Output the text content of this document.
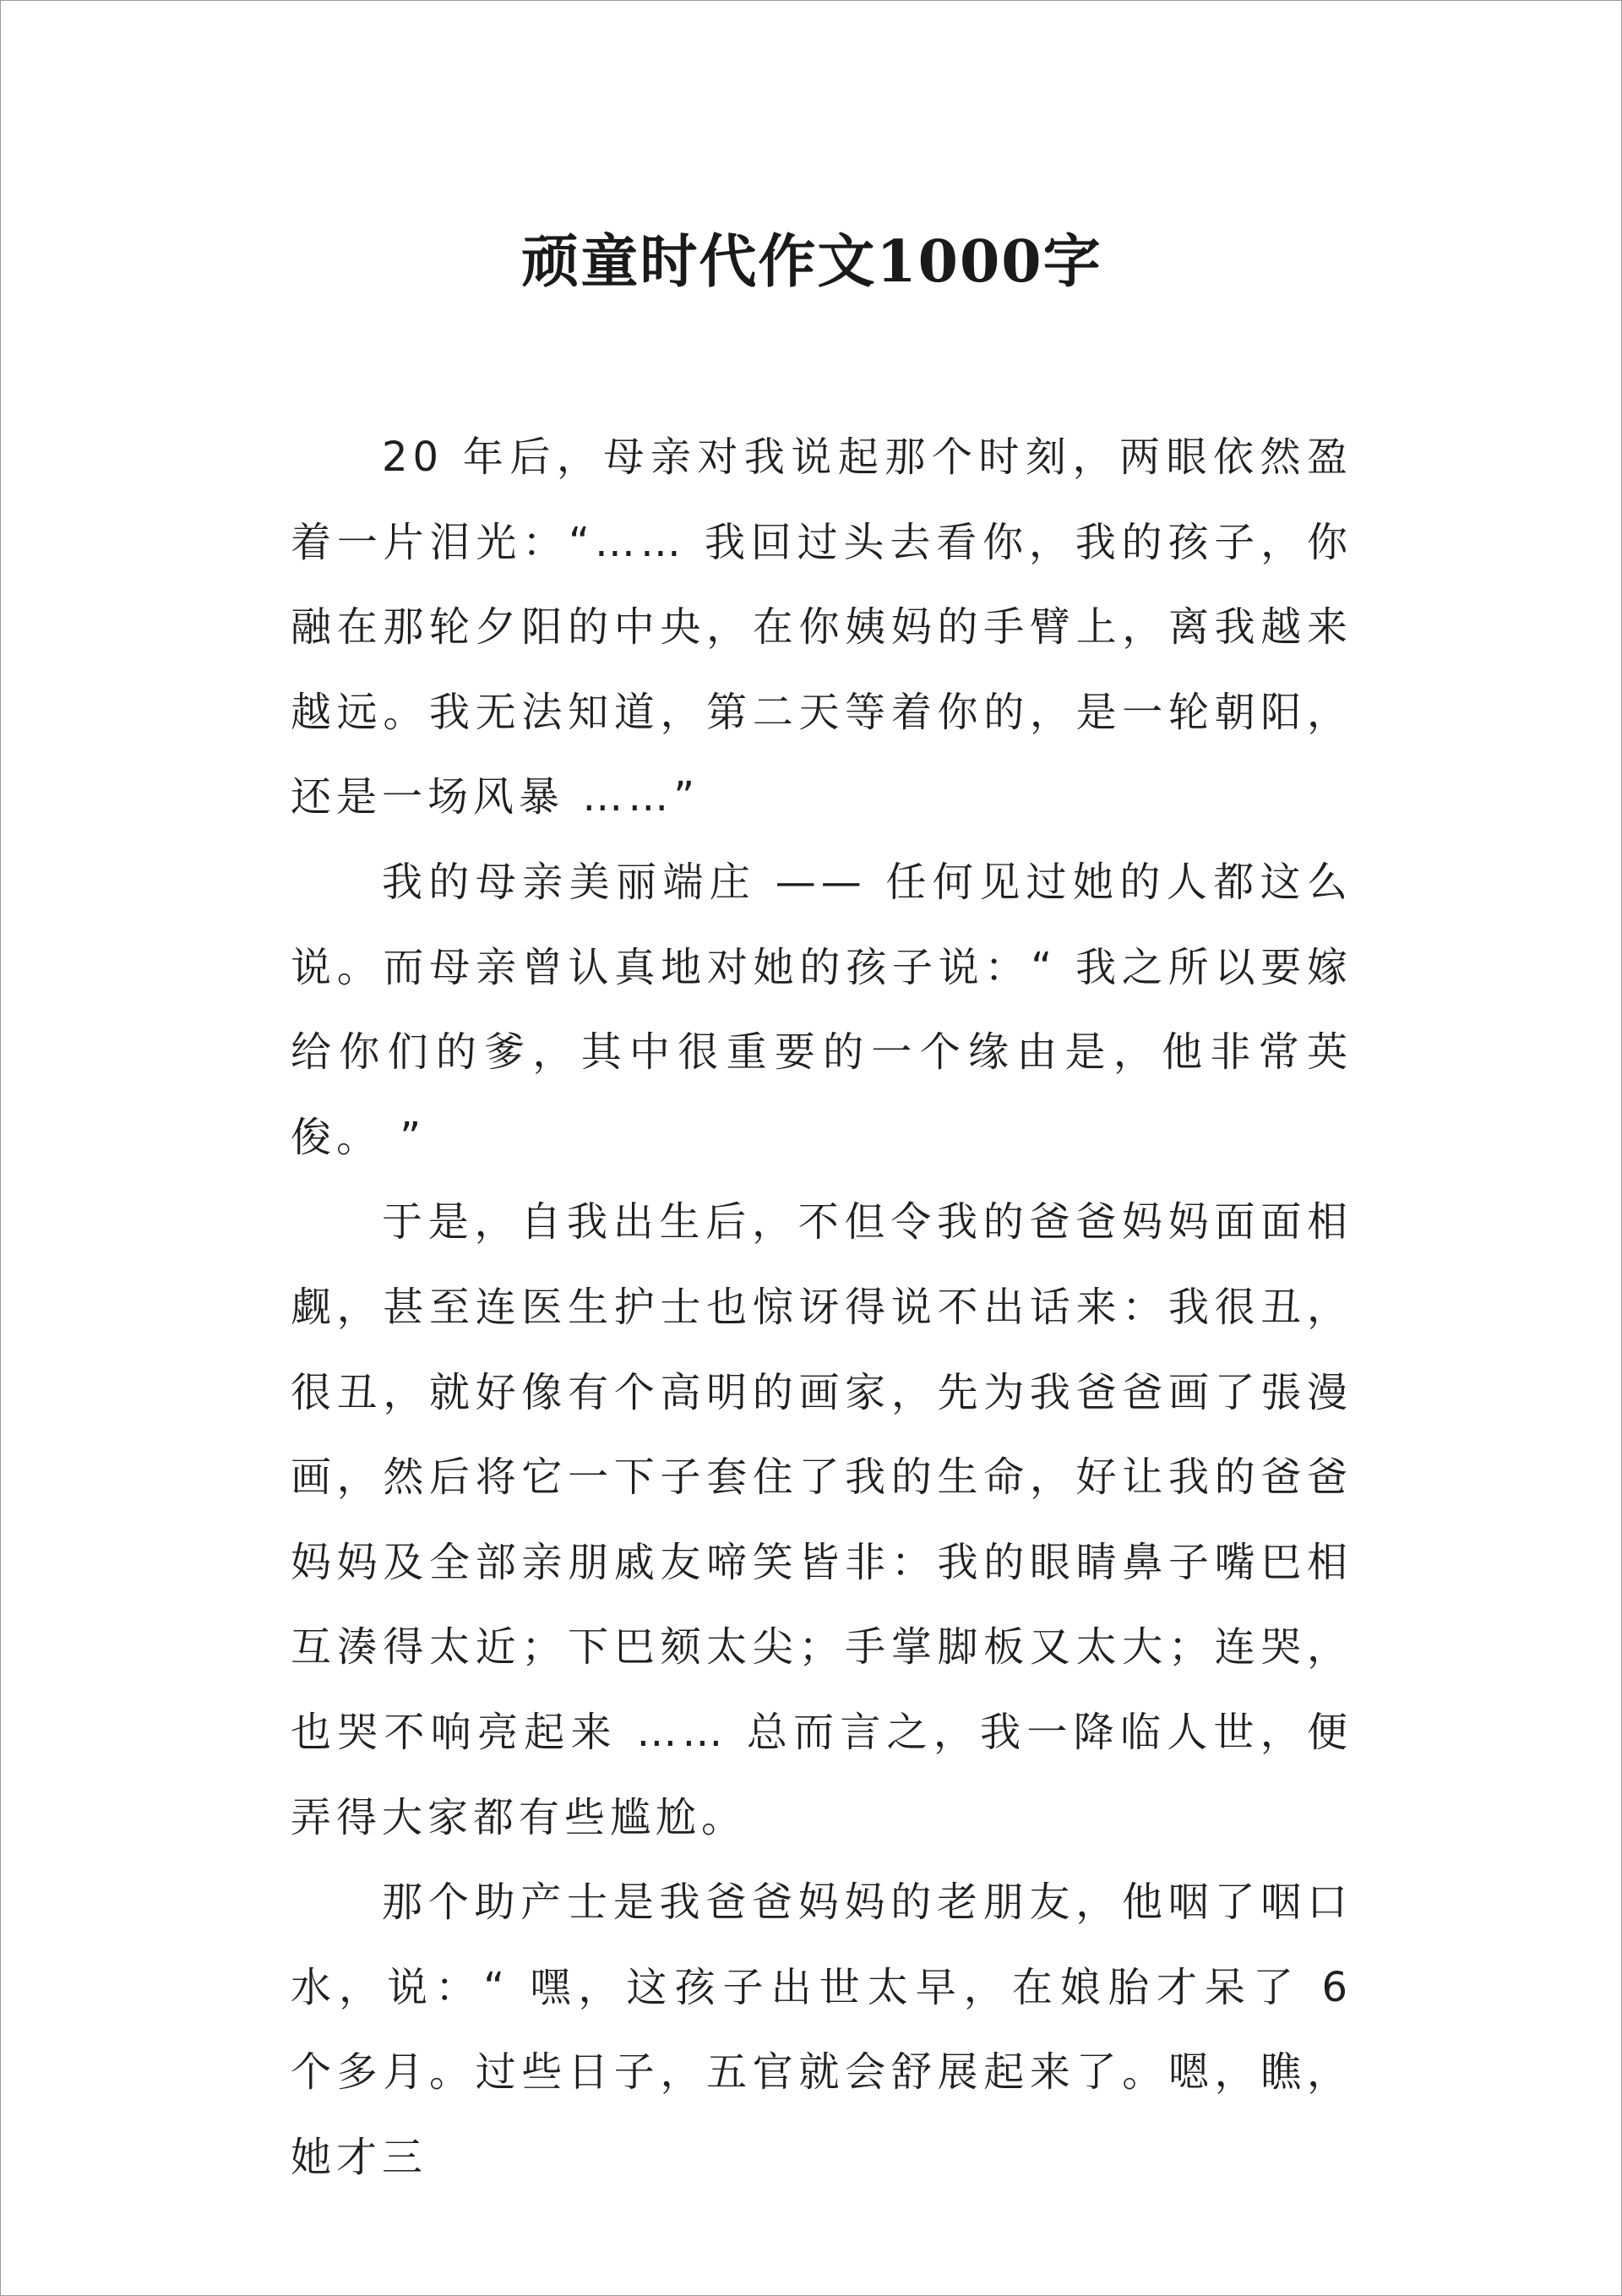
顽童时代作文1000字

20 年后，母亲对我说起那个时刻，两眼依然盈着一片泪光：“…… 我回过头去看你，我的孩子，你融在那轮夕阳的中央，在你姨妈的手臂上，离我越来越远。我无法知道，第二天等着你的，是一轮朝阳，还是一场风暴 ……”

我的母亲美丽端庄 —— 任何见过她的人都这么说。而母亲曾认真地对她的孩子说：“ 我之所以要嫁给你们的爹，其中很重要的一个缘由是，他非常英俊。 ”

于是，自我出生后，不但令我的爸爸妈妈面面相觑，甚至连医生护士也惊讶得说不出话来：我很丑，很丑，就好像有个高明的画家，先为我爸爸画了張漫画，然后将它一下子套住了我的生命，好让我的爸爸妈妈及全部亲朋戚友啼笑皆非：我的眼睛鼻子嘴巴相互湊得太近；下巴颏太尖；手掌脚板又太大；连哭，也哭不响亮起来 …… 总而言之，我一降临人世，便弄得大家都有些尴尬。

那个助产士是我爸爸妈妈的老朋友，他咽了咽口水，说：“ 嘿，这孩子出世太早，在娘胎才呆了 6 个多月。过些日子，五官就会舒展起来了。嗯，瞧，她才三
